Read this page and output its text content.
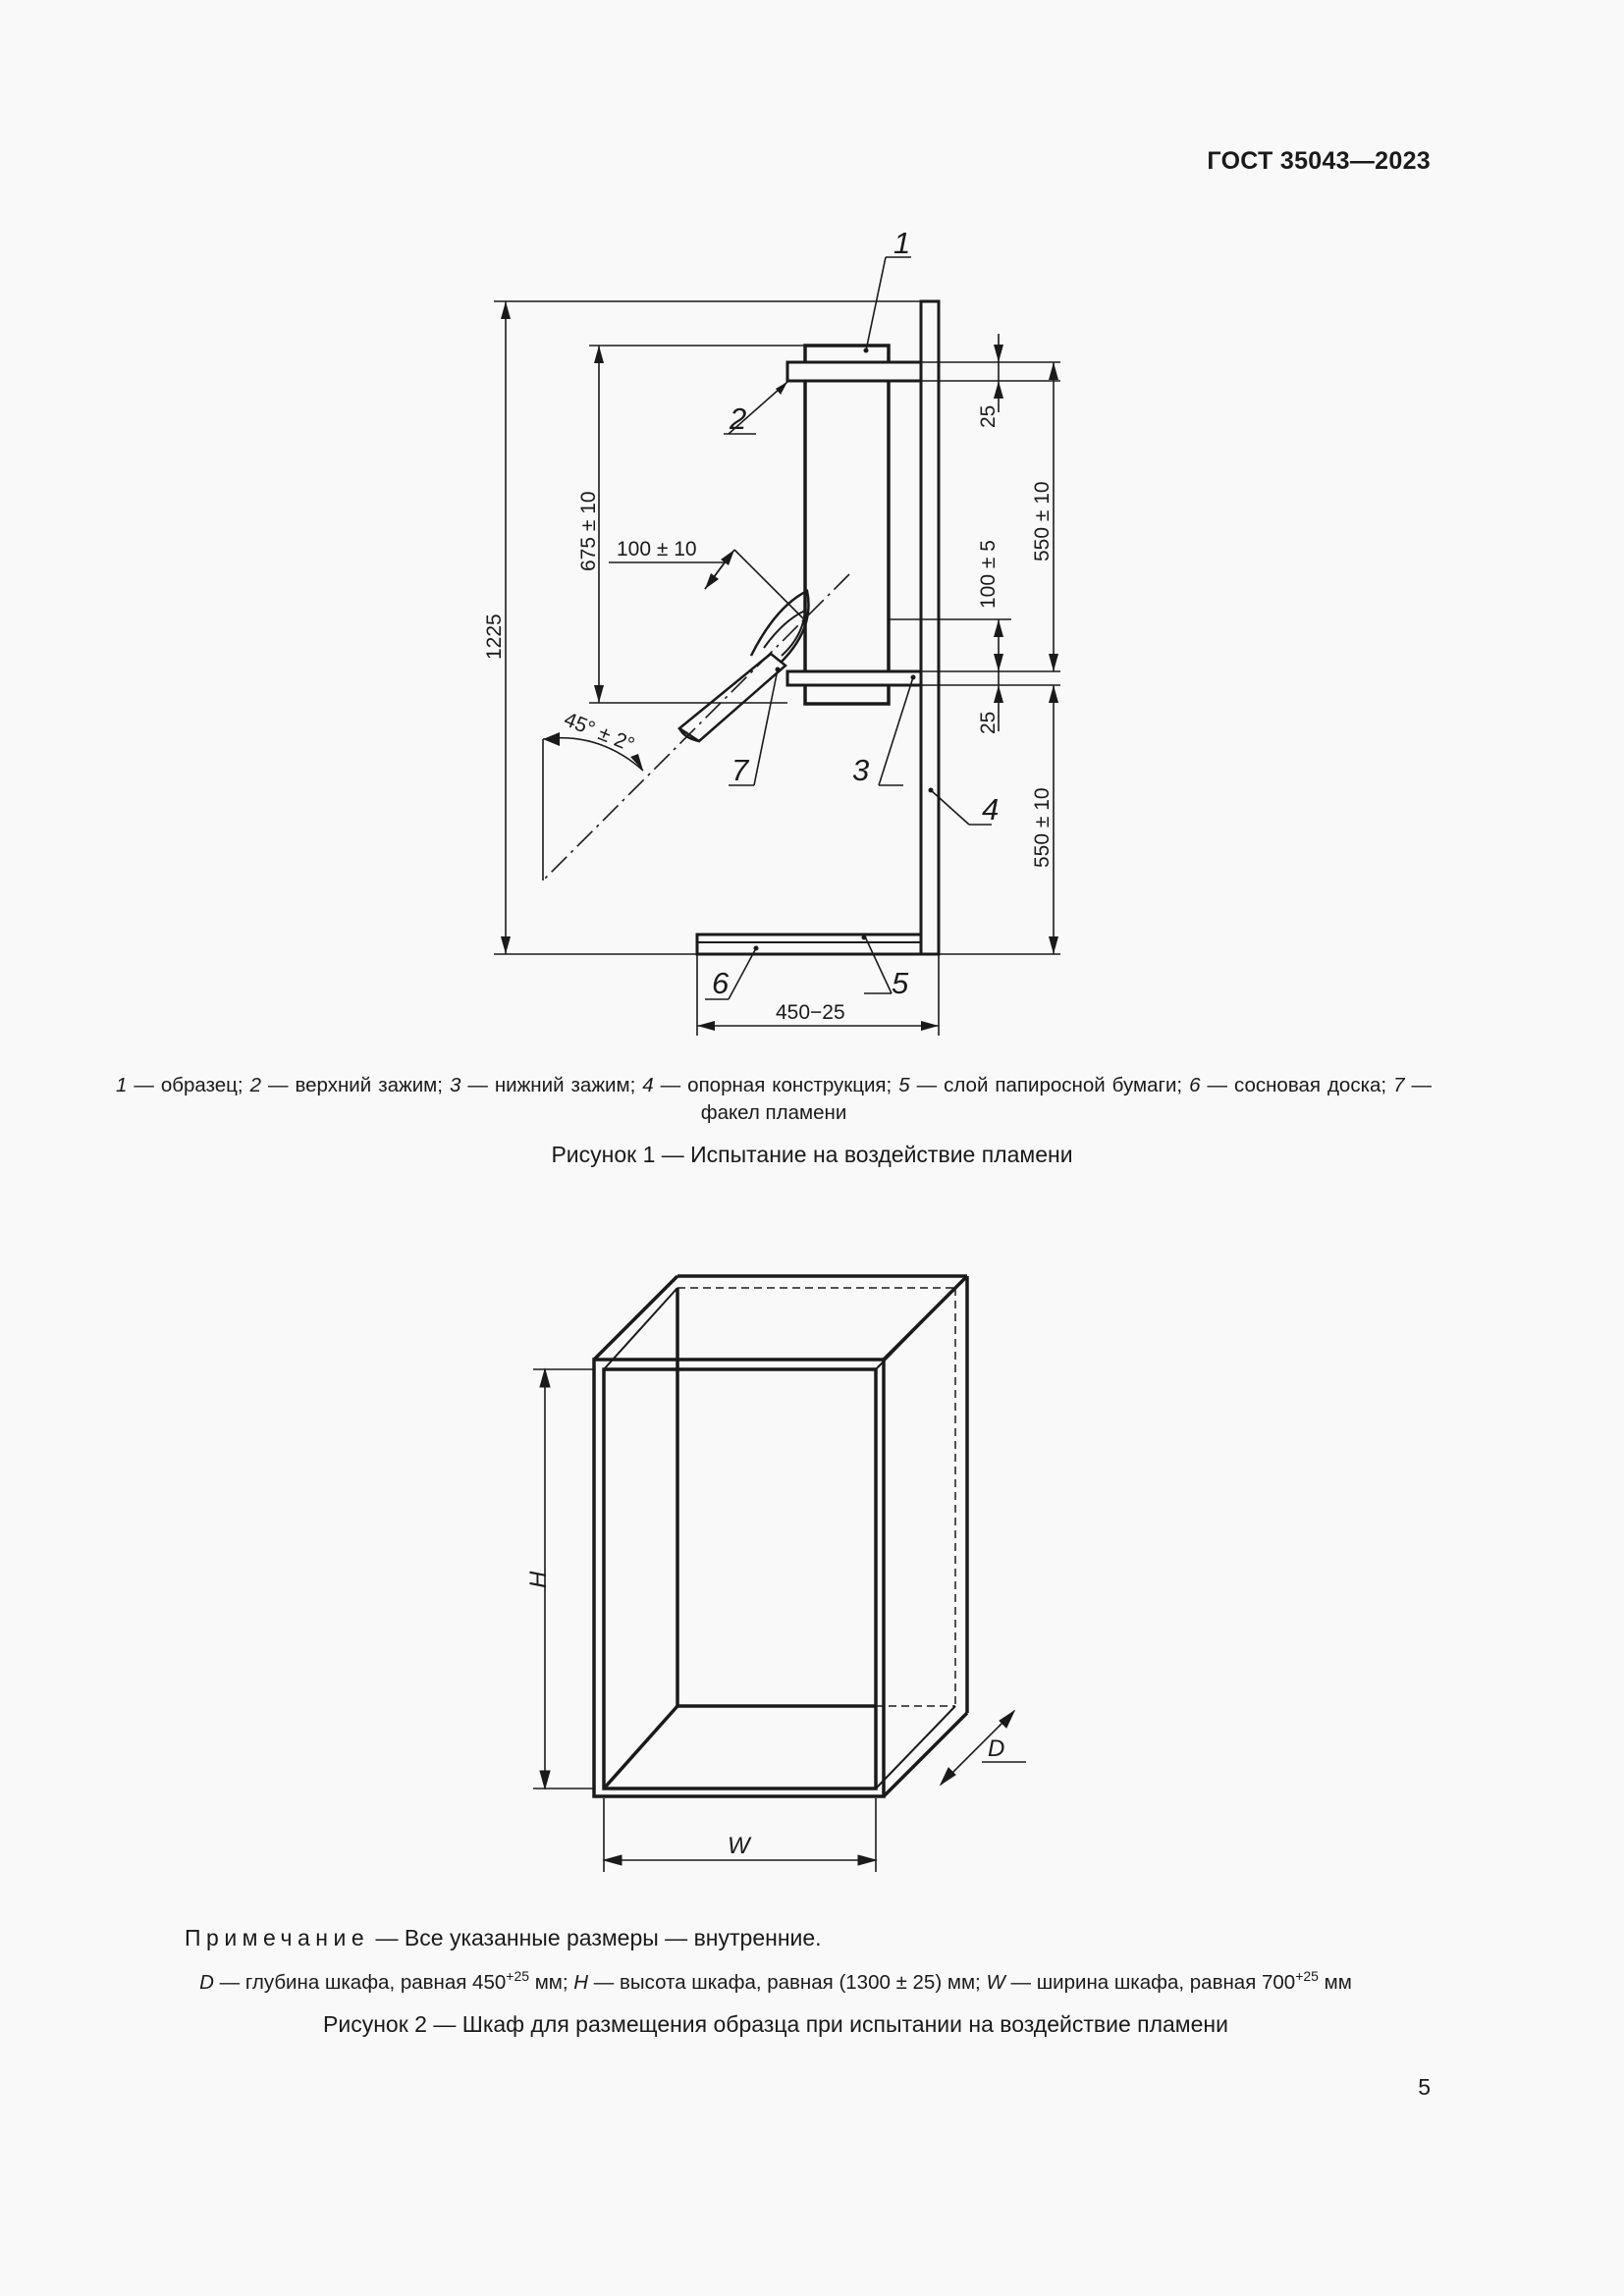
ГОСТ 35043—2023
1
2
3
4
5
6
7
1225
675 ± 10 100 ± 10
45° ± 2°
25
550 ± 10
100 ± 5
25
550 ± 10
450−25
1 — образец; 2 — верхний зажим; 3 — нижний зажим; 4 — опорная конструкция; 5 — слой папиросной бумаги; 6 — сосновая доска; 7 — факел пламени
Рисунок 1 — Испытание на воздействие пламени
H
W
D
Примечание — Все указанные размеры — внутренние.
D — глубина шкафа, равная $450^{+25}$ мм; H — высота шкафа, равная (1300 ± 25) мм; W — ширина шкафа, равная $700^{+25}$ мм
Рисунок 2 — Шкаф для размещения образца при испытании на воздействие пламени
5
